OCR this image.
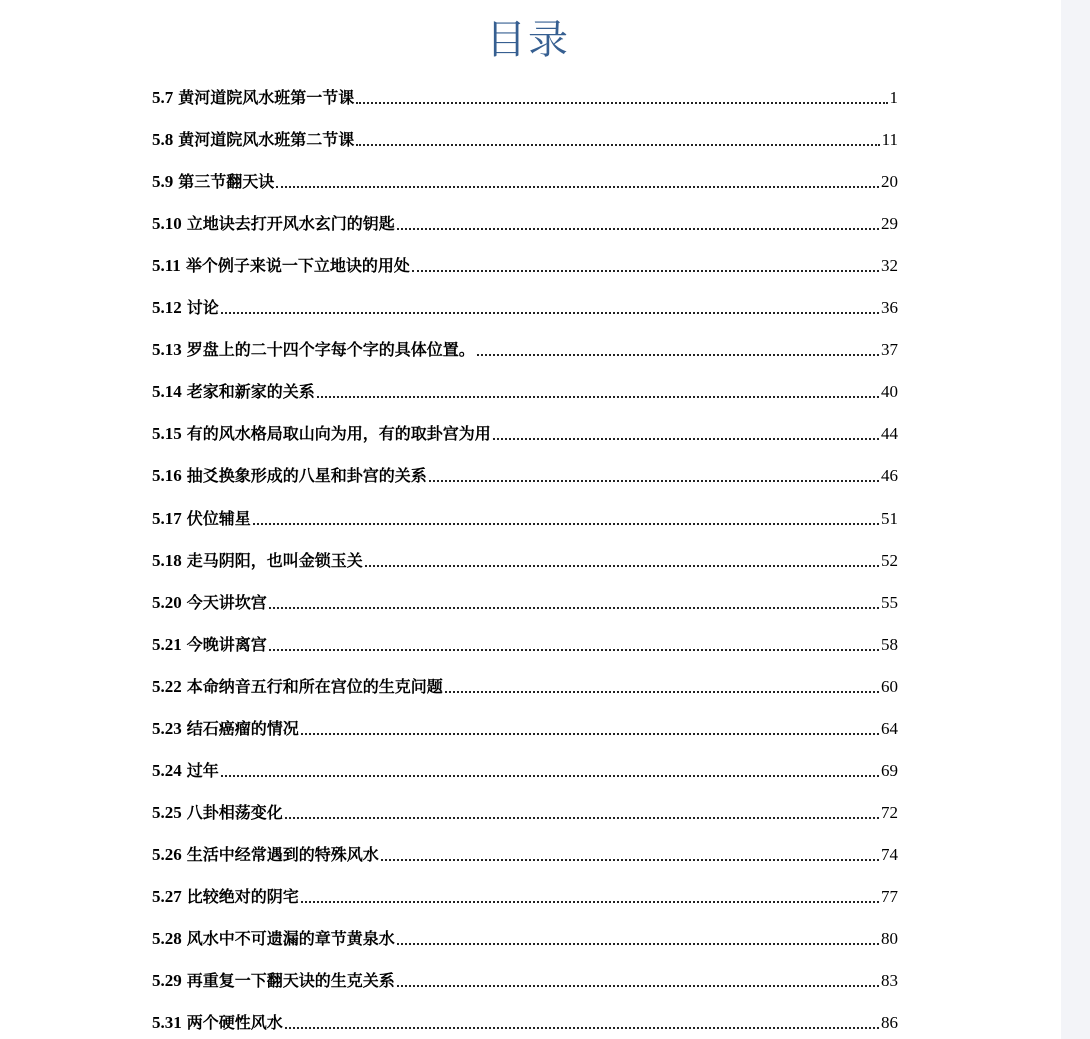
目录
5.7 黄河道院风水班第一节课	1
5.8 黄河道院风水班第二节课	11
5.9 第三节翻天诀	20
5.10 立地诀去打开风水玄门的钥匙	29
5.11 举个例子来说一下立地诀的用处	32
5.12 讨论	36
5.13 罗盘上的二十四个字每个字的具体位置。	37
5.14 老家和新家的关系	40
5.15 有的风水格局取山向为用，有的取卦宫为用	44
5.16 抽爻换象形成的八星和卦宫的关系	46
5.17 伏位辅星	51
5.18 走马阴阳，也叫金锁玉关	52
5.20 今天讲坎宫	55
5.21 今晚讲离宫	58
5.22 本命纳音五行和所在宫位的生克问题	60
5.23 结石癌瘤的情况	64
5.24 过年	69
5.25 八卦相荡变化	72
5.26 生活中经常遇到的特殊风水	74
5.27 比较绝对的阴宅	77
5.28 风水中不可遗漏的章节黄泉水	80
5.29 再重复一下翻天诀的生克关系	83
5.31 两个硬性风水	86
